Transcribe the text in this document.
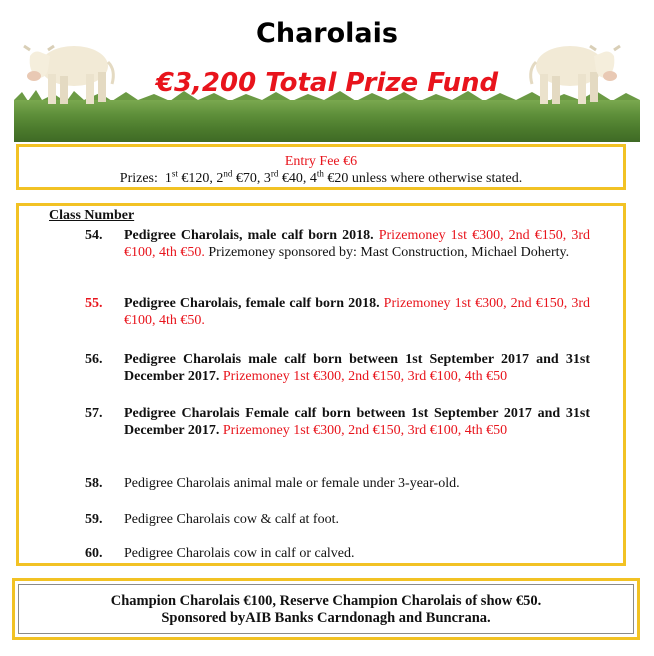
Charolais
€3,200 Total Prize Fund
Entry Fee €6
Prizes: 1st €120, 2nd €70, 3rd €40, 4th €20 unless where otherwise stated.
Class Number
54. Pedigree Charolais, male calf born 2018. Prizemoney 1st €300, 2nd €150, 3rd €100, 4th €50. Prizemoney sponsored by: Mast Construction, Michael Doherty.
55. Pedigree Charolais, female calf born 2018. Prizemoney 1st €300, 2nd €150, 3rd €100, 4th €50.
56. Pedigree Charolais male calf born between 1st September 2017 and 31st December 2017. Prizemoney 1st €300, 2nd €150, 3rd €100, 4th €50
57. Pedigree Charolais Female calf born between 1st September 2017 and 31st December 2017. Prizemoney 1st €300, 2nd €150, 3rd €100, 4th €50
58. Pedigree Charolais animal male or female under 3-year-old.
59. Pedigree Charolais cow & calf at foot.
60. Pedigree Charolais cow in calf or calved.
Champion Charolais €100, Reserve Champion Charolais of show €50.
Sponsored byAIB Banks Carndonagh and Buncrana.
